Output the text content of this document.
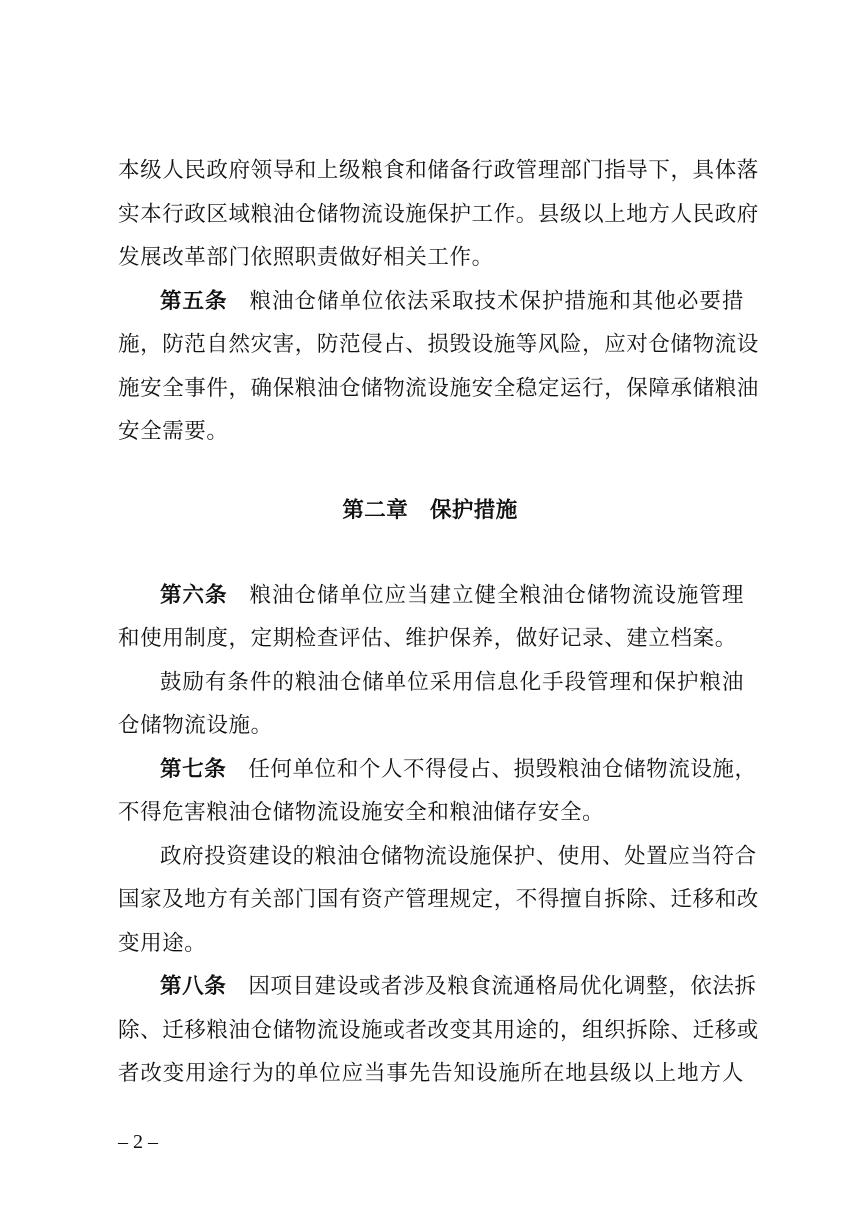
本级人民政府领导和上级粮食和储备行政管理部门指导下，具体落
实本行政区域粮油仓储物流设施保护工作。县级以上地方人民政府
发展改革部门依照职责做好相关工作。
第五条 粮油仓储单位依法采取技术保护措施和其他必要措
施，防范自然灾害，防范侵占、损毁设施等风险，应对仓储物流设
施安全事件，确保粮油仓储物流设施安全稳定运行，保障承储粮油
安全需要。
第二章　保护措施
第六条 粮油仓储单位应当建立健全粮油仓储物流设施管理
和使用制度，定期检查评估、维护保养，做好记录、建立档案。
鼓励有条件的粮油仓储单位采用信息化手段管理和保护粮油
仓储物流设施。
第七条 任何单位和个人不得侵占、损毁粮油仓储物流设施，
不得危害粮油仓储物流设施安全和粮油储存安全。
政府投资建设的粮油仓储物流设施保护、使用、处置应当符合
国家及地方有关部门国有资产管理规定，不得擅自拆除、迁移和改
变用途。
第八条 因项目建设或者涉及粮食流通格局优化调整，依法拆
除、迁移粮油仓储物流设施或者改变其用途的，组织拆除、迁移或
者改变用途行为的单位应当事先告知设施所在地县级以上地方人
– 2 –
